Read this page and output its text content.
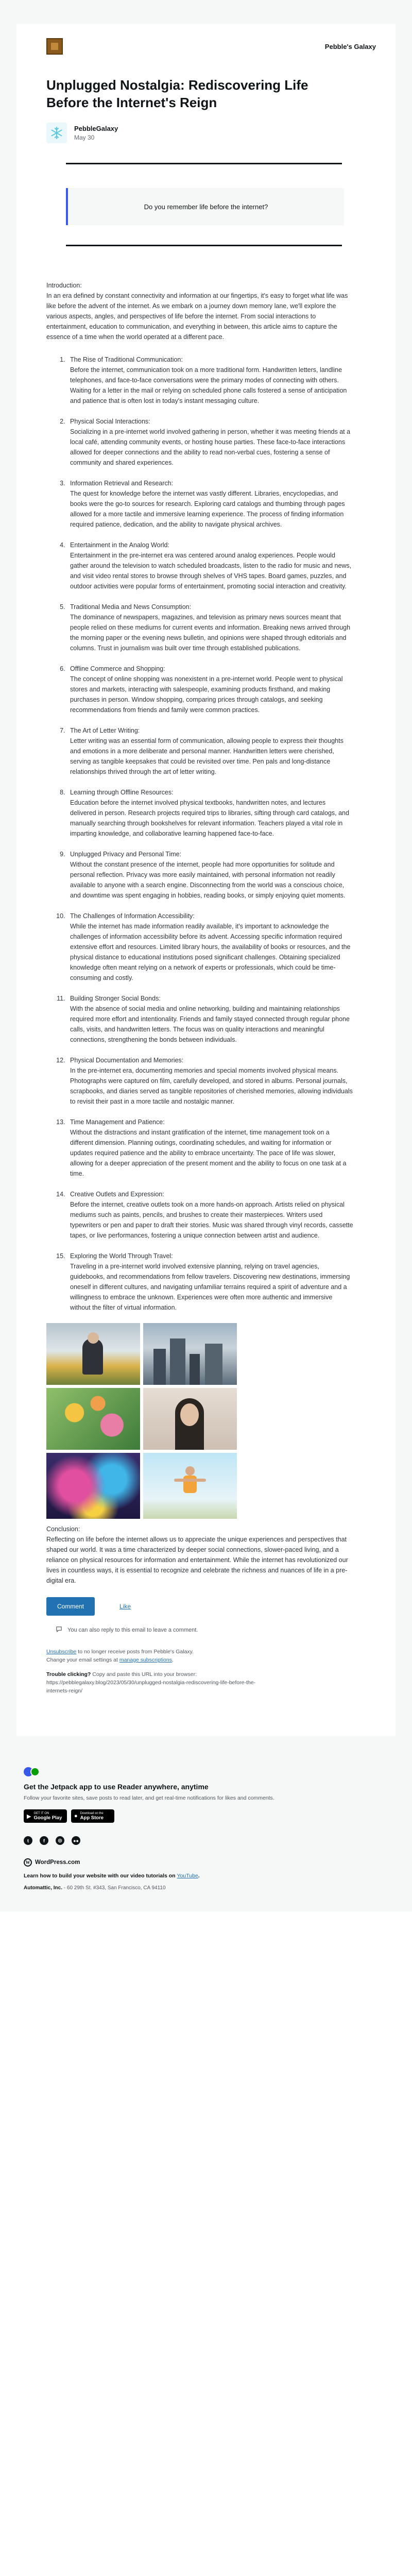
Pebble's Galaxy
Unplugged Nostalgia: Rediscovering Life Before the Internet's Reign
PebbleGalaxy
May 30
Do you remember life before the internet?
Introduction:
In an era defined by constant connectivity and information at our fingertips, it's easy to forget what life was like before the advent of the internet. As we embark on a journey down memory lane, we'll explore the various aspects, angles, and perspectives of life before the internet. From social interactions to entertainment, education to communication, and everything in between, this article aims to capture the essence of a time when the world operated at a different pace.
1. The Rise of Traditional Communication:
Before the internet, communication took on a more traditional form. Handwritten letters, landline telephones, and face-to-face conversations were the primary modes of connecting with others. Waiting for a letter in the mail or relying on scheduled phone calls fostered a sense of anticipation and patience that is often lost in today's instant messaging culture.
2. Physical Social Interactions:
Socializing in a pre-internet world involved gathering in person, whether it was meeting friends at a local café, attending community events, or hosting house parties. These face-to-face interactions allowed for deeper connections and the ability to read non-verbal cues, fostering a sense of community and shared experiences.
3. Information Retrieval and Research:
The quest for knowledge before the internet was vastly different. Libraries, encyclopedias, and books were the go-to sources for research. Exploring card catalogs and thumbing through pages allowed for a more tactile and immersive learning experience. The process of finding information required patience, dedication, and the ability to navigate physical archives.
4. Entertainment in the Analog World:
Entertainment in the pre-internet era was centered around analog experiences. People would gather around the television to watch scheduled broadcasts, listen to the radio for music and news, and visit video rental stores to browse through shelves of VHS tapes. Board games, puzzles, and outdoor activities were popular forms of entertainment, promoting social interaction and creativity.
5. Traditional Media and News Consumption:
The dominance of newspapers, magazines, and television as primary news sources meant that people relied on these mediums for current events and information. Breaking news arrived through the morning paper or the evening news bulletin, and opinions were shaped through editorials and columns. Trust in journalism was built over time through established publications.
6. Offline Commerce and Shopping:
The concept of online shopping was nonexistent in a pre-internet world. People went to physical stores and markets, interacting with salespeople, examining products firsthand, and making purchases in person. Window shopping, comparing prices through catalogs, and seeking recommendations from friends and family were common practices.
7. The Art of Letter Writing:
Letter writing was an essential form of communication, allowing people to express their thoughts and emotions in a more deliberate and personal manner. Handwritten letters were cherished, serving as tangible keepsakes that could be revisited over time. Pen pals and long-distance relationships thrived through the art of letter writing.
8. Learning through Offline Resources:
Education before the internet involved physical textbooks, handwritten notes, and lectures delivered in person. Research projects required trips to libraries, sifting through card catalogs, and manually searching through bookshelves for relevant information. Teachers played a vital role in imparting knowledge, and collaborative learning happened face-to-face.
9. Unplugged Privacy and Personal Time:
Without the constant presence of the internet, people had more opportunities for solitude and personal reflection. Privacy was more easily maintained, with personal information not readily available to anyone with a search engine. Disconnecting from the world was a conscious choice, and downtime was spent engaging in hobbies, reading books, or simply enjoying quiet moments.
10. The Challenges of Information Accessibility:
While the internet has made information readily available, it's important to acknowledge the challenges of information accessibility before its advent. Accessing specific information required extensive effort and resources. Limited library hours, the availability of books or resources, and the physical distance to educational institutions posed significant challenges. Obtaining specialized knowledge often meant relying on a network of experts or professionals, which could be time-consuming and costly.
11. Building Stronger Social Bonds:
With the absence of social media and online networking, building and maintaining relationships required more effort and intentionality. Friends and family stayed connected through regular phone calls, visits, and handwritten letters. The focus was on quality interactions and meaningful connections, strengthening the bonds between individuals.
12. Physical Documentation and Memories:
In the pre-internet era, documenting memories and special moments involved physical means. Photographs were captured on film, carefully developed, and stored in albums. Personal journals, scrapbooks, and diaries served as tangible repositories of cherished memories, allowing individuals to revisit their past in a more tactile and nostalgic manner.
13. Time Management and Patience:
Without the distractions and instant gratification of the internet, time management took on a different dimension. Planning outings, coordinating schedules, and waiting for information or updates required patience and the ability to embrace uncertainty. The pace of life was slower, allowing for a deeper appreciation of the present moment and the ability to focus on one task at a time.
14. Creative Outlets and Expression:
Before the internet, creative outlets took on a more hands-on approach. Artists relied on physical mediums such as paints, pencils, and brushes to create their masterpieces. Writers used typewriters or pen and paper to draft their stories. Music was shared through vinyl records, cassette tapes, or live performances, fostering a unique connection between artist and audience.
15. Exploring the World Through Travel:
Traveling in a pre-internet world involved extensive planning, relying on travel agencies, guidebooks, and recommendations from fellow travelers. Discovering new destinations, immersing oneself in different cultures, and navigating unfamiliar terrains required a spirit of adventure and a willingness to embrace the unknown. Experiences were often more authentic and immersive without the filter of virtual information.
Conclusion:
Reflecting on life before the internet allows us to appreciate the unique experiences and perspectives that shaped our world. It was a time characterized by deeper social connections, slower-paced living, and a reliance on physical resources for information and entertainment. While the internet has revolutionized our lives in countless ways, it is essential to recognize and celebrate the richness and nuances of life in a pre-digital era.
Comment	Like
You can also reply to this email to leave a comment.
Unsubscribe to no longer receive posts from Pebble's Galaxy.
Change your email settings at manage subscriptions.
Trouble clicking? Copy and paste this URL into your browser:
https://pebblegalaxy.blog/2023/05/30/unplugged-nostalgia-rediscovering-life-before-the-internets-reign/
Get the Jetpack app to use Reader anywhere, anytime
Follow your favorite sites, save posts to read later, and get real-time notifications for likes and comments.
▶ GET IT ON
Google Play ● Download on the
App Store
t	f	◎	●●
W WordPress.com
Learn how to build your website with our video tutorials on YouTube.
Automattic, Inc. - 60 29th St. #343, San Francisco, CA 94110
